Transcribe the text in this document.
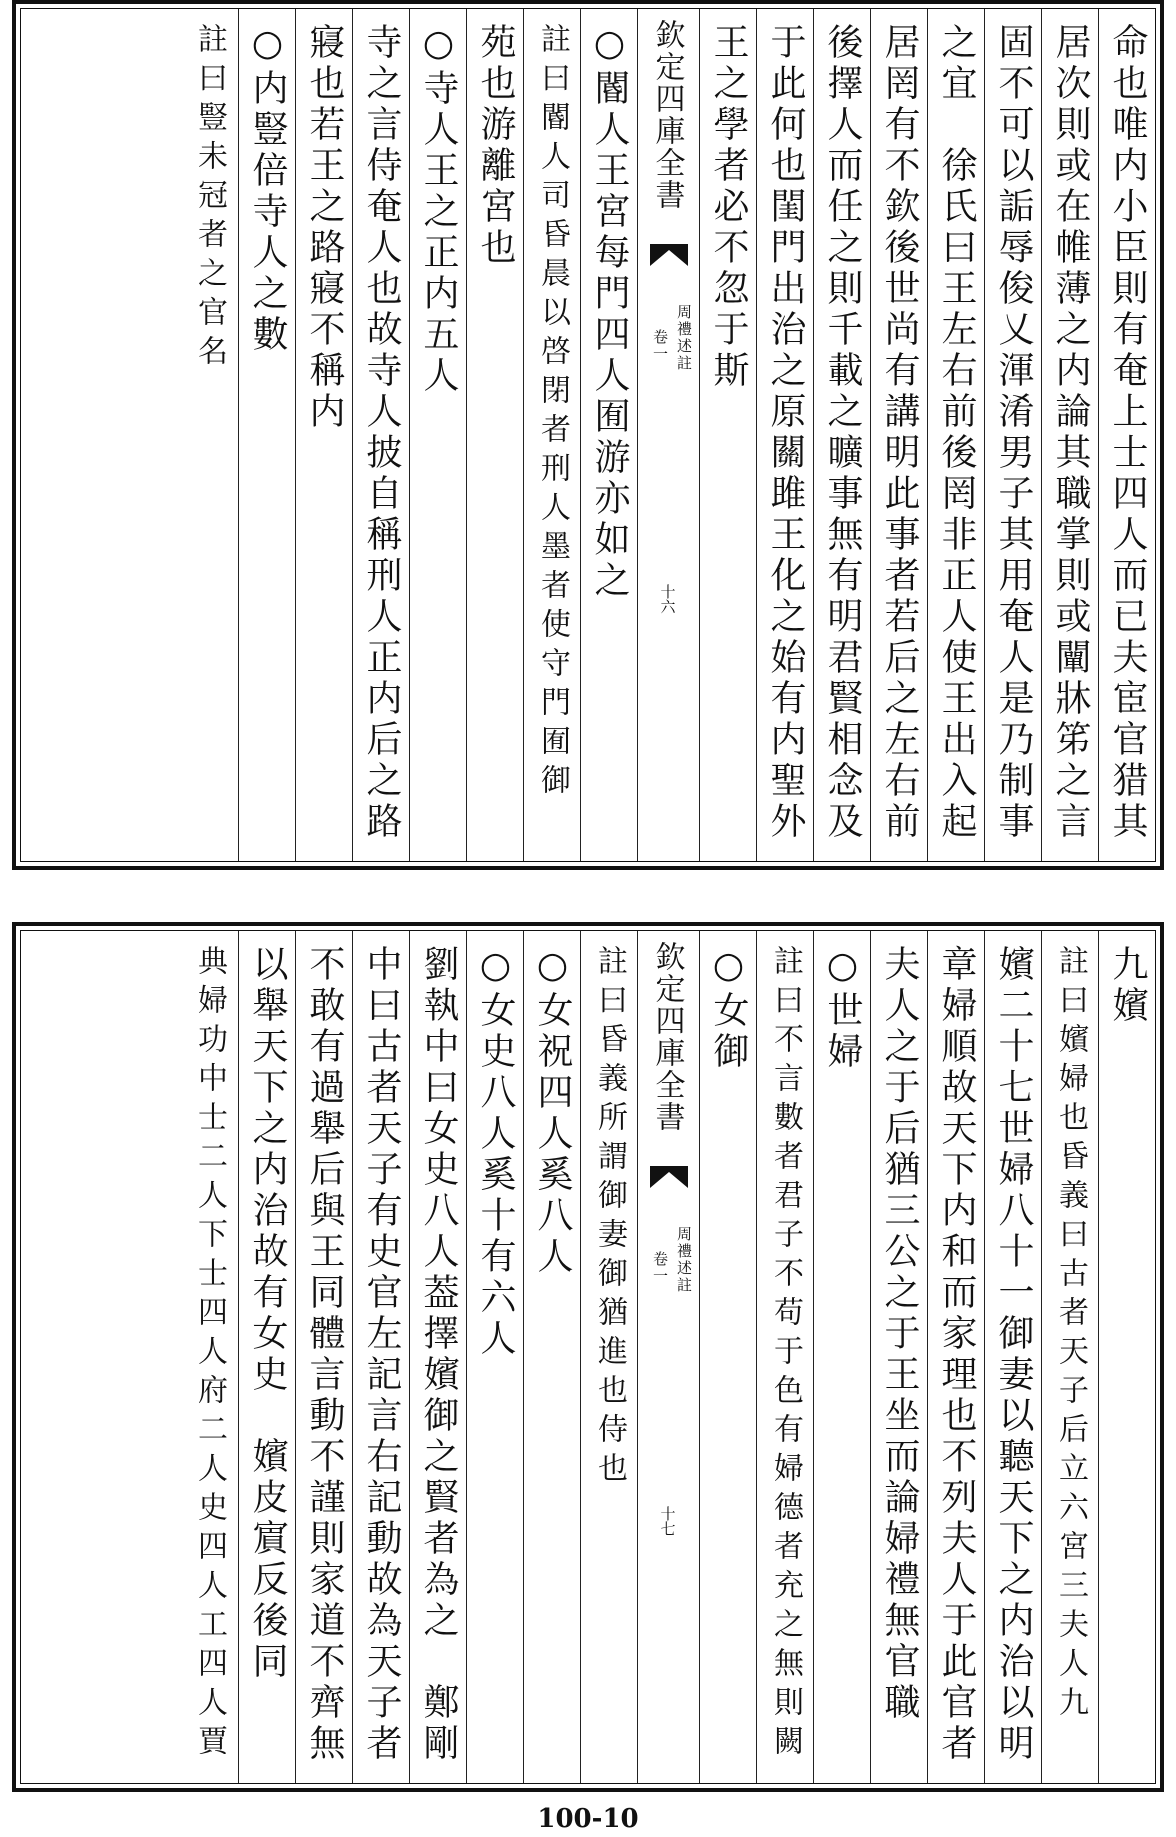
命也唯内小臣則有奄上士四人而已夫宦官猎其
居次則或在帷薄之内論其職掌則或闡牀笫之言
固不可以詬辱俊乂渾淆男子其用奄人是乃制事
之宜　徐氏曰王左右前後罔非正人使王出入起
居罔有不欽後世尚有講明此事者若后之左右前
後擇人而任之則千載之曠事無有明君賢相念及
于此何也閨門出治之原關雎王化之始有内聖外
王之學者必不忽于斯
欽定四庫全書
周禮述註
卷一
十六
○閽人王宮每門四人囿游亦如之
註曰閽人司昏晨以啓閉者刑人墨者使守門囿御
苑也游離宮也
○寺人王之正内五人
寺之言侍奄人也故寺人披自稱刑人正内后之路
寢也若王之路寢不稱内
○内豎倍寺人之數
註曰豎未冠者之官名
九嬪
註曰嬪婦也昏義曰古者天子后立六宮三夫人九
嬪二十七世婦八十一御妻以聽天下之内治以明
章婦順故天下内和而家理也不列夫人于此官者
夫人之于后猶三公之于王坐而論婦禮無官職
○世婦
註曰不言數者君子不苟于色有婦德者充之無則闕
○女御
欽定四庫全書
周禮述註
卷一
十七
註曰昏義所謂御妻御猶進也侍也
○女祝四人奚八人
○女史八人奚十有六人
劉執中曰女史八人葢擇嬪御之賢者為之　鄭剛
中曰古者天子有史官左記言右記動故為天子者
不敢有過舉后與王同體言動不謹則家道不齊無
以舉天下之内治故有女史　嬪皮賔反後同
典婦功中士二人下士四人府二人史四人工四人賈
100-10
